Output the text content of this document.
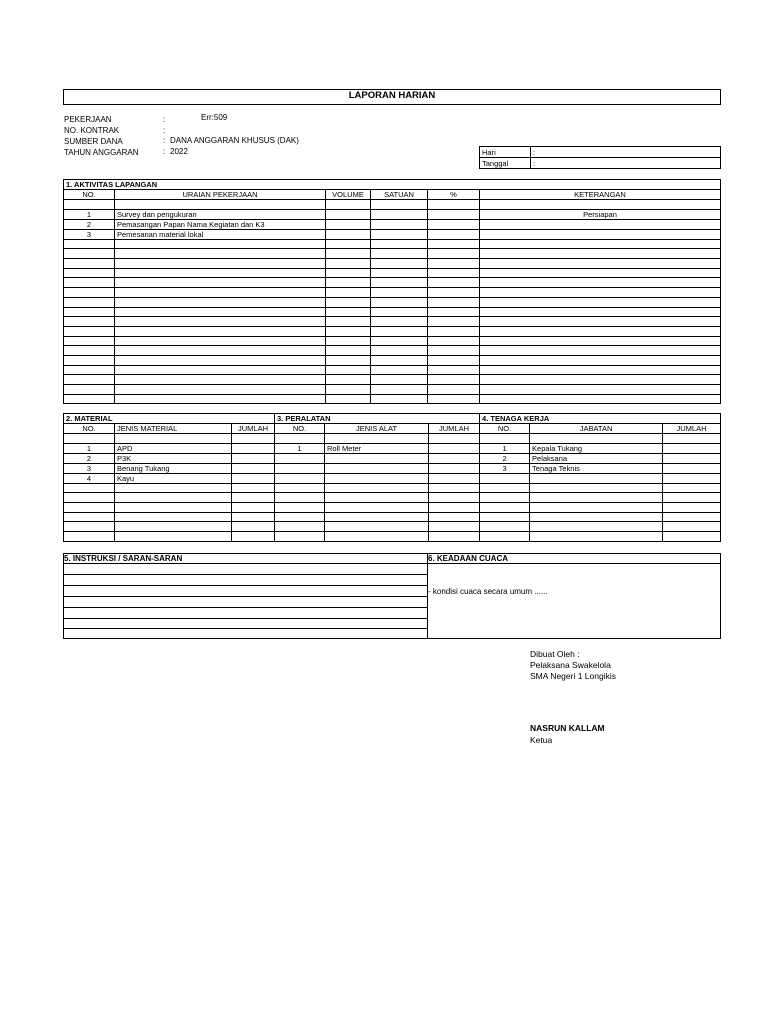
LAPORAN HARIAN
PEKERJAAN	:	Err:509
NO. KONTRAK	:
SUMBER DANA	: DANA ANGGARAN KHUSUS (DAK)
TAHUN ANGGARAN	: 2022	Hari	:
Tanggal	:
1. AKTIVITAS LAPANGAN					
NO.	URAIAN PEKERJAAN	VOLUME	SATUAN	%	KETERANGAN

1	Survey dan pengukuran				Persiapan
2	Pemasangan Papan Nama Kegiatan dan K3				
3	Pemesanan material lokal				

2. MATERIAL			3. PERALATAN			4. TENAGA KERJA		
NO.	JENIS MATERIAL	JUMLAH	NO.	JENIS ALAT	JUMLAH	NO.	JABATAN	JUMLAH

1	APD		1	Roll Meter		1	Kepala Tukang	
2	P3K					2	Pelaksana	
3	Benang Tukang					3	Tenaga Teknis	
4	Kayu							

5. INSTRUKSI / SARAN-SARAN	6. KEADAAN CUACA
- kondisi cuaca secara umum ......
Dibuat Oleh :
Pelaksana Swakelola
SMA Negeri 1 Longikis
NASRUN KALLAM
Ketua
